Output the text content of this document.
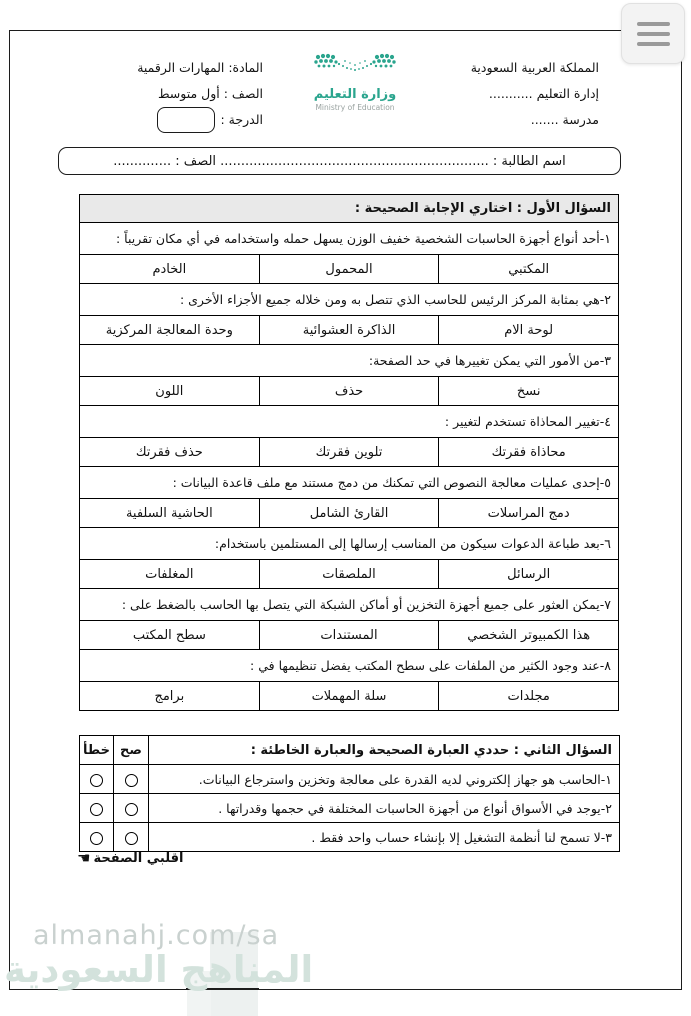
المملكة العربية السعودية
إدارة التعليم ...........
مدرسة .......
المادة: المهارات الرقمية
الصف : أول متوسط
الدرجة :
وزارة التعليم
Ministry of Education
اسم الطالبة : ................................................................. الصف : ..............
السؤال الأول : اختاري الإجابة الصحيحة :		
١-أحد أنواع أجهزة الحاسبات الشخصية خفيف الوزن يسهل حمله واستخدامه في أي مكان تقريباً :		
المكتبي	المحمول	الخادم
٢-هي بمثابة المركز الرئيس للحاسب الذي تتصل به ومن خلاله جميع الأجزاء الأخرى :		
لوحة الام	الذاكرة العشوائية	وحدة المعالجة المركزية
٣-من الأمور التي يمكن تغييرها في حد الصفحة:		
نسخ	حذف	اللون
٤-تغيير المحاذاة تستخدم لتغيير :		
محاذاة فقرتك	تلوين فقرتك	حذف فقرتك
٥-إحدى عمليات معالجة النصوص التي تمكنك من دمج مستند مع ملف قاعدة البيانات :		
دمج المراسلات	القارئ الشامل	الحاشية السلفية
٦-بعد طباعة الدعوات سيكون من المناسب إرسالها إلى المستلمين باستخدام:		
الرسائل	الملصقات	المغلفات
٧-يمكن العثور على جميع أجهزة التخزين أو أماكن الشبكة التي يتصل بها الحاسب بالضغط على :		
هذا الكمبيوتر الشخصي	المستندات	سطح المكتب
٨-عند وجود الكثير من الملفات على سطح المكتب يفضل تنظيمها في :		
مجلدات	سلة المهملات	برامج
السؤال الثاني : حددي العبارة الصحيحة والعبارة الخاطئة :	صح	خطأ
١-الحاسب هو جهاز إلكتروني لديه القدرة على معالجة وتخزين واسترجاع البيانات.		
٢-يوجد في الأسواق أنواع من أجهزة الحاسبات المختلفة في حجمها وقدراتها .		
٣-لا تسمح لنا أنظمة التشغيل إلا بإنشاء حساب واحد فقط .		
اقلبي الصفحة
☚
almanahj.com/sa
المناهج السعودية
